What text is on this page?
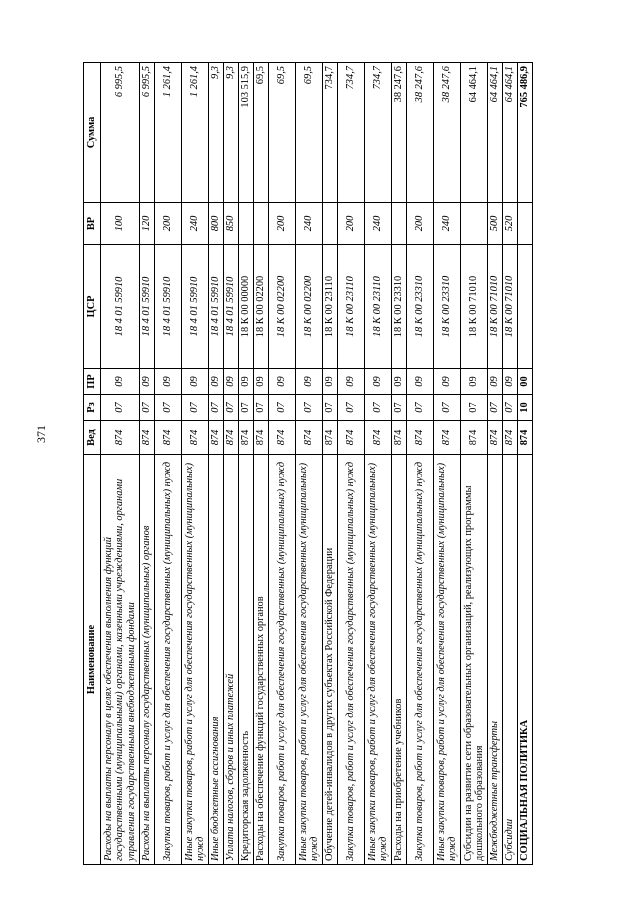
371
Наименование	Вед	Рз	ПР	ЦСР	ВР	Сумма
Расходы на выплаты персоналу в целях обеспечения выполнения функций государственными (муниципальными) органами, казенными учреждениями, органами управления государственными внебюджетными фондами	874	07	09	18 4 01 59910	100	6 995,5
Расходы на выплаты персоналу государственных (муниципальных) органов	874	07	09	18 4 01 59910	120	6 995,5
Закупка товаров, работ и услуг для обеспечения государственных (муниципальных) нужд	874	07	09	18 4 01 59910	200	1 261,4
Иные закупки товаров, работ и услуг для обеспечения государственных (муниципальных) нужд	874	07	09	18 4 01 59910	240	1 261,4
Иные бюджетные ассигнования	874	07	09	18 4 01 59910	800	9,3
Уплата налогов, сборов и иных платежей	874	07	09	18 4 01 59910	850	9,3
Кредиторская задолженность	874	07	09	18 К 00 00000		103 515,9
Расходы на обеспечение функций государственных органов	874	07	09	18 К 00 02200		69,5
Закупка товаров, работ и услуг для обеспечения государственных (муниципальных) нужд	874	07	09	18 К 00 02200	200	69,5
Иные закупки товаров, работ и услуг для обеспечения государственных (муниципальных) нужд	874	07	09	18 К 00 02200	240	69,5
Обучение детей-инвалидов в других субъектах Российской Федерации	874	07	09	18 К 00 23110		734,7
Закупка товаров, работ и услуг для обеспечения государственных (муниципальных) нужд	874	07	09	18 К 00 23110	200	734,7
Иные закупки товаров, работ и услуг для обеспечения государственных (муниципальных) нужд	874	07	09	18 К 00 23110	240	734,7
Расходы на приобретение учебников	874	07	09	18 К 00 23310		38 247,6
Закупка товаров, работ и услуг для обеспечения государственных (муниципальных) нужд	874	07	09	18 К 00 23310	200	38 247,6
Иные закупки товаров, работ и услуг для обеспечения государственных (муниципальных) нужд	874	07	09	18 К 00 23310	240	38 247,6
Субсидии на развитие сети образовательных организаций, реализующих программы дошкольного образования	874	07	09	18 К 00 71010		64 464,1
Межбюджетные трансферты	874	07	09	18 К 00 71010	500	64 464,1
Субсидии	874	07	09	18 К 00 71010	520	64 464,1
СОЦИАЛЬНАЯ ПОЛИТИКА	874	10	00			765 486,9
